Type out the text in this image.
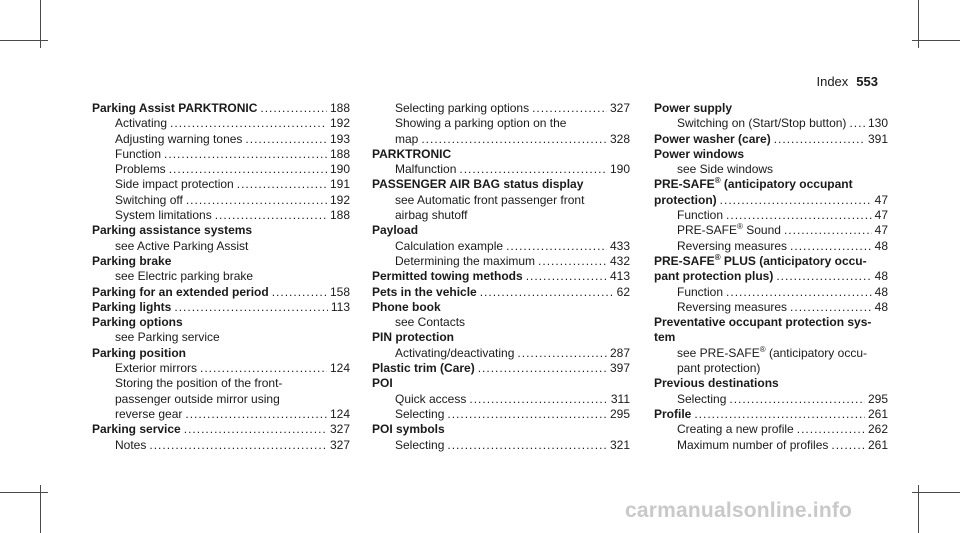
Index 553
Parking Assist PARKTRONIC .....	188
Activating .....	192
Adjusting warning tones .....	193
Function .....	188
Problems .....	190
Side impact protection .....	191
Switching off .....	192
System limitations .....	188
Parking assistance systems
see Active Parking Assist
Parking brake
see Electric parking brake
Parking for an extended period .....	158
Parking lights .....	113
Parking options
see Parking service
Parking position
Exterior mirrors .....	124
Storing the position of the front-
passenger outside mirror using
reverse gear .....	124
Parking service .....	327
Notes .....	327
Selecting parking options .....	327
Showing a parking option on the
map .....	328
PARKTRONIC
Malfunction .....	190
PASSENGER AIR BAG status display
see Automatic front passenger front
airbag shutoff
Payload
Calculation example .....	433
Determining the maximum .....	432
Permitted towing methods .....	413
Pets in the vehicle .....	62
Phone book
see Contacts
PIN protection
Activating/deactivating .....	287
Plastic trim (Care) .....	397
POI
Quick access .....	311
Selecting .....	295
POI symbols
Selecting .....	321
Power supply
Switching on (Start/Stop button) ..... 130
Power washer (care) .....	391
Power windows
see Side windows
PRE-SAFE® (anticipatory occupant
protection) .....	47
Function .....	47
PRE-SAFE® Sound .....	47
Reversing measures .....	48
PRE-SAFE® PLUS (anticipatory occu-
pant protection plus) .....	48
Function .....	48
Reversing measures .....	48
Preventative occupant protection sys-
tem
see PRE-SAFE® (anticipatory occu-
pant protection)
Previous destinations
Selecting .....	295
Profile .....	261
Creating a new profile .....	262
Maximum number of profiles .....	261
carmanualsonline.info
